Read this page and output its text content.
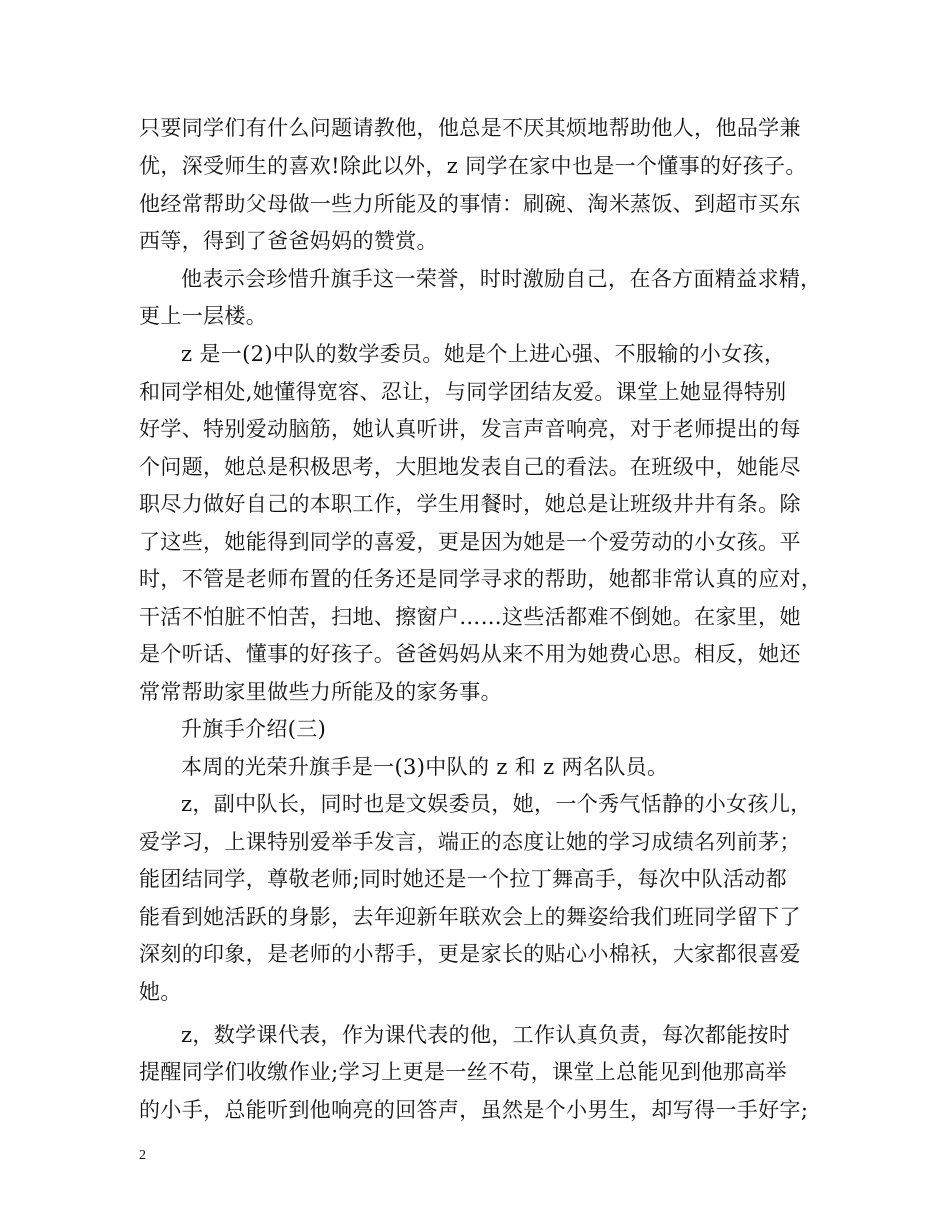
只要同学们有什么问题请教他，他总是不厌其烦地帮助他人，他品学兼
优，深受师生的喜欢!除此以外，z 同学在家中也是一个懂事的好孩子。
他经常帮助父母做一些力所能及的事情：刷碗、淘米蒸饭、到超市买东
西等，得到了爸爸妈妈的赞赏。
他表示会珍惜升旗手这一荣誉，时时激励自己，在各方面精益求精，
更上一层楼。
z 是一(2)中队的数学委员。她是个上进心强、不服输的小女孩，
和同学相处,她懂得宽容、忍让，与同学团结友爱。课堂上她显得特别
好学、特别爱动脑筋，她认真听讲，发言声音响亮，对于老师提出的每
个问题，她总是积极思考，大胆地发表自己的看法。在班级中，她能尽
职尽力做好自己的本职工作，学生用餐时，她总是让班级井井有条。除
了这些，她能得到同学的喜爱，更是因为她是一个爱劳动的小女孩。平
时，不管是老师布置的任务还是同学寻求的帮助，她都非常认真的应对，
干活不怕脏不怕苦，扫地、擦窗户……这些活都难不倒她。在家里，她
是个听话、懂事的好孩子。爸爸妈妈从来不用为她费心思。相反，她还
常常帮助家里做些力所能及的家务事。
升旗手介绍(三)
本周的光荣升旗手是一(3)中队的 z 和 z 两名队员。
z，副中队长，同时也是文娱委员，她，一个秀气恬静的小女孩儿，
爱学习，上课特别爱举手发言，端正的态度让她的学习成绩名列前茅；
能团结同学，尊敬老师;同时她还是一个拉丁舞高手，每次中队活动都
能看到她活跃的身影，去年迎新年联欢会上的舞姿给我们班同学留下了
深刻的印象，是老师的小帮手，更是家长的贴心小棉袄，大家都很喜爱
她。
z，数学课代表，作为课代表的他，工作认真负责，每次都能按时
提醒同学们收缴作业;学习上更是一丝不苟，课堂上总能见到他那高举
的小手，总能听到他响亮的回答声，虽然是个小男生，却写得一手好字;
2
